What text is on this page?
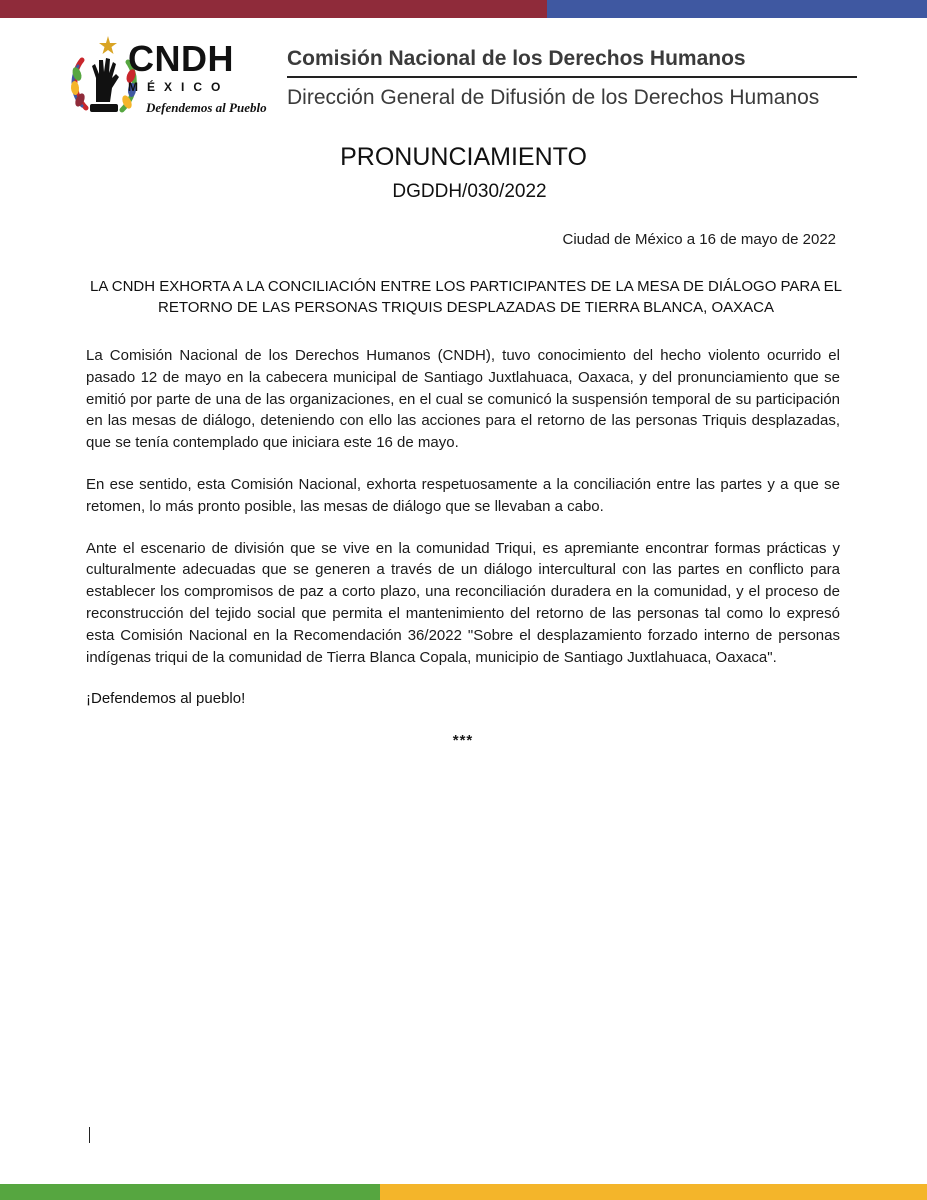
CNDH
MÉXICO
Defendemos al Pueblo
Comisión Nacional de los Derechos Humanos
Dirección General de Difusión de los Derechos Humanos
PRONUNCIAMIENTO
DGDDH/030/2022
Ciudad de México a 16 de mayo de 2022
LA CNDH EXHORTA A LA CONCILIACIÓN ENTRE LOS PARTICIPANTES DE LA MESA DE DIÁLOGO PARA EL RETORNO DE LAS PERSONAS TRIQUIS DESPLAZADAS DE TIERRA BLANCA, OAXACA

La Comisión Nacional de los Derechos Humanos (CNDH), tuvo conocimiento del hecho violento ocurrido el pasado 12 de mayo en la cabecera municipal de Santiago Juxtlahuaca, Oaxaca, y del pronunciamiento que se emitió por parte de una de las organizaciones, en el cual se comunicó la suspensión temporal de su participación en las mesas de diálogo, deteniendo con ello las acciones para el retorno de las personas Triquis desplazadas, que se tenía contemplado que iniciara este 16 de mayo.

En ese sentido, esta Comisión Nacional, exhorta respetuosamente a la conciliación entre las partes y a que se retomen, lo más pronto posible, las mesas de diálogo que se llevaban a cabo.

Ante el escenario de división que se vive en la comunidad Triqui, es apremiante encontrar formas prácticas y culturalmente adecuadas que se generen a través de un diálogo intercultural con las partes en conflicto para establecer los compromisos de paz a corto plazo, una reconciliación duradera en la comunidad, y el proceso de reconstrucción del tejido social que permita el mantenimiento del retorno de las personas tal como lo expresó esta Comisión Nacional en la Recomendación 36/2022 "Sobre el desplazamiento forzado interno de personas indígenas triqui de la comunidad de Tierra Blanca Copala, municipio de Santiago Juxtlahuaca, Oaxaca".

¡Defendemos al pueblo!
***
